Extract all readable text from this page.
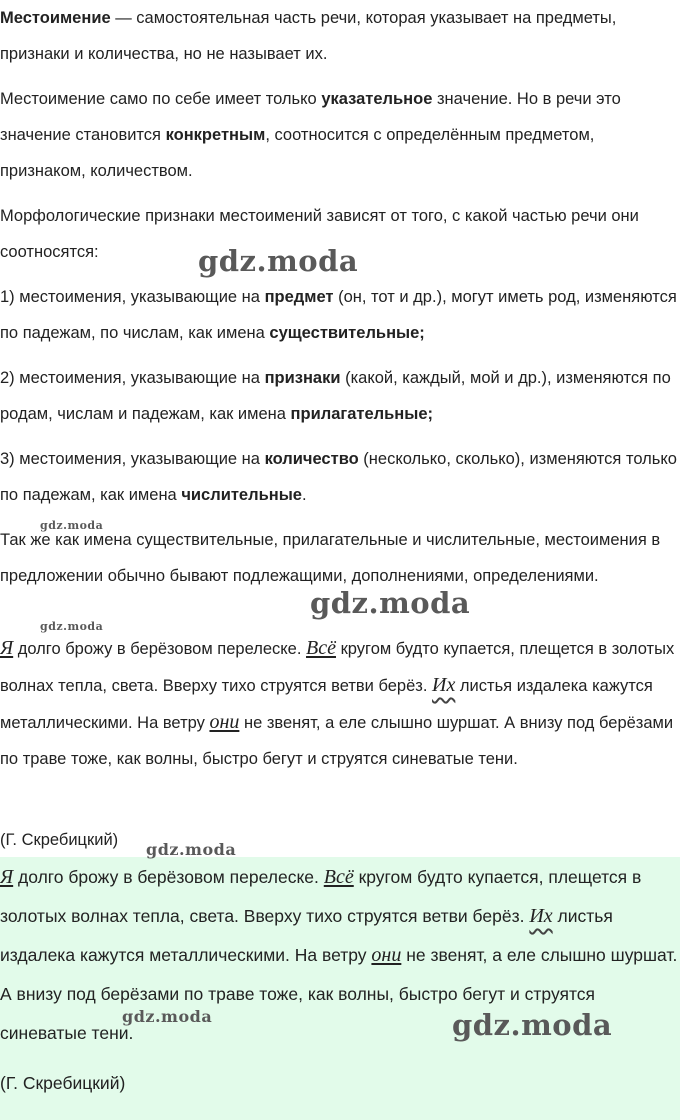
Местоимение — самостоятельная часть речи, которая указывает на предметы, признаки и количества, но не называет их.

Местоимение само по себе имеет только указательное значение. Но в речи это значение становится конкретным, соотносится с определённым предметом, признаком, количеством.

Морфологические признаки местоимений зависят от того, с какой частью речи они соотносятся:

1) местоимения, указывающие на предмет (он, тот и др.), могут иметь род, изменяются по падежам, по числам, как имена существительные;

2) местоимения, указывающие на признаки (какой, каждый, мой и др.), изменяются по родам, числам и падежам, как имена прилагательные;

3) местоимения, указывающие на количество (несколько, сколько), изменяются только по падежам, как имена числительные.

Так же как имена существительные, прилагательные и числительные, местоимения в предложении обычно бывают подлежащими, дополнениями, определениями.

Я долго брожу в берёзовом перелеске. Всё кругом будто купается, плещется в золотых волнах тепла, света. Вверху тихо струятся ветви берёз. Их листья издалека кажутся металлическими. На ветру они не звенят, а еле слышно шуршат. А внизу под берёзами по траве тоже, как волны, быстро бегут и струятся синеватые тени.

(Г. Скребицкий)

Я долго брожу в берёзовом перелеске. Всё кругом будто купается, плещется в золотых волнах тепла, света. Вверху тихо струятся ветви берёз. Их листья издалека кажутся металлическими. На ветру они не звенят, а еле слышно шуршат. А внизу под берёзами по траве тоже, как волны, быстро бегут и струятся синеватые тени.

(Г. Скребицкий)

gdz.moda
gdz.moda
gdz.moda
gdz.moda
gdz.moda
gdz.moda	gdz.moda
